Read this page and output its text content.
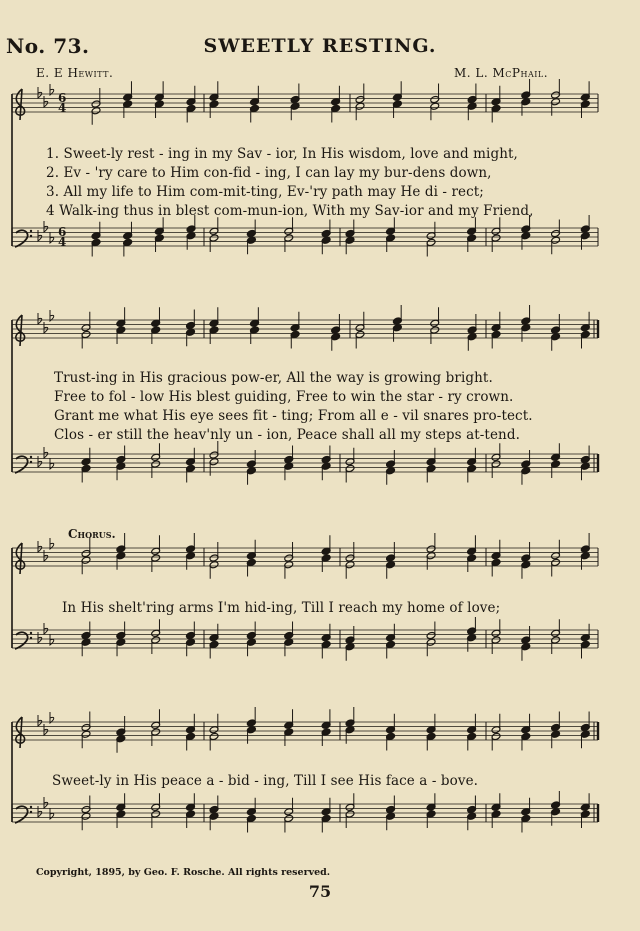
6
4
6
4
No. 73.	SWEETLY RESTING.
E. E Hewitt.	M. L. McPhail.
1. Sweet-ly rest - ing in my Sav - ior, In His wisdom, love and might,
2. Ev - 'ry care to Him con-fid - ing, I can lay my bur-dens down,
3. All my life to Him com-mit-ting, Ev-'ry path may He di - rect;
4 Walk-ing thus in blest com-mun-ion, With my Sav-ior and my Friend,
Trust-ing in His gracious pow-er, All the way is growing bright.
Free to fol - low His blest guiding, Free to win the star - ry crown.
Grant me what His eye sees fit - ting; From all e - vil snares pro-tect.
Clos - er still the heav'nly un - ion, Peace shall all my steps at-tend.
Chorus.
In His shelt'ring arms I'm hid-ing, Till I reach my home of love;
Sweet-ly in His peace a - bid - ing, Till I see His face a - bove.
Copyright, 1895, by Geo. F. Rosche. All rights reserved.
75
